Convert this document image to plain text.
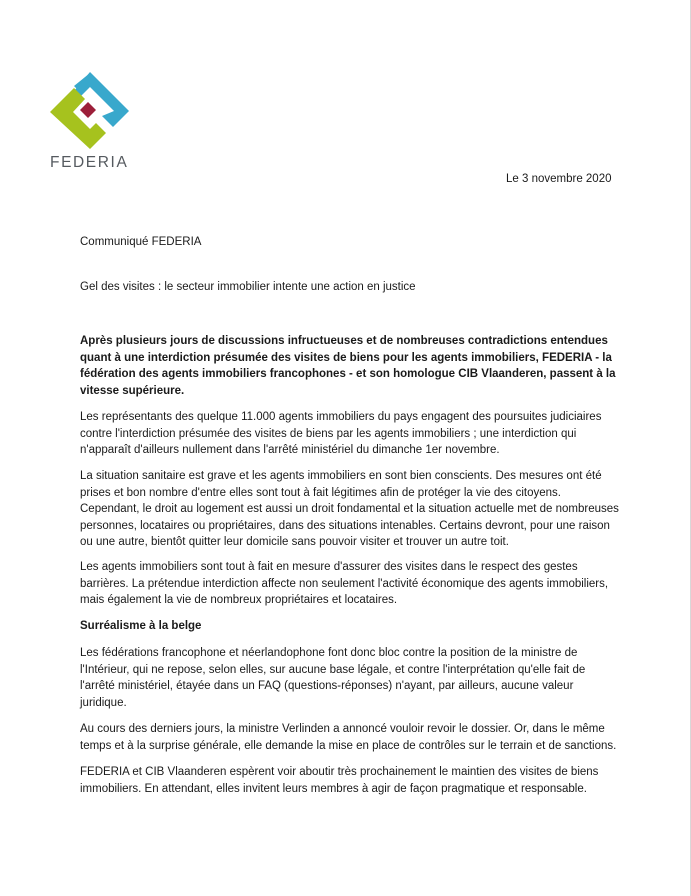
FEDERIA
Le 3 novembre 2020

Communiqué FEDERIA

Gel des visites : le secteur immobilier intente une action en justice

Après plusieurs jours de discussions infructueuses et de nombreuses contradictions entendues quant à une interdiction présumée des visites de biens pour les agents immobiliers, FEDERIA - la fédération des agents immobiliers francophones - et son homologue CIB Vlaanderen, passent à la vitesse supérieure.

Les représentants des quelque 11.000 agents immobiliers du pays engagent des poursuites judiciaires contre l'interdiction présumée des visites de biens par les agents immobiliers ; une interdiction qui n'apparaît d'ailleurs nullement dans l'arrêté ministériel du dimanche 1er novembre.

La situation sanitaire est grave et les agents immobiliers en sont bien conscients. Des mesures ont été prises et bon nombre d'entre elles sont tout à fait légitimes afin de protéger la vie des citoyens. Cependant, le droit au logement est aussi un droit fondamental et la situation actuelle met de nombreuses personnes, locataires ou propriétaires, dans des situations intenables. Certains devront, pour une raison ou une autre, bientôt quitter leur domicile sans pouvoir visiter et trouver un autre toit.

Les agents immobiliers sont tout à fait en mesure d'assurer des visites dans le respect des gestes barrières. La prétendue interdiction affecte non seulement l'activité économique des agents immobiliers, mais également la vie de nombreux propriétaires et locataires.

Surréalisme à la belge

Les fédérations francophone et néerlandophone font donc bloc contre la position de la ministre de l'Intérieur, qui ne repose, selon elles, sur aucune base légale, et contre l'interprétation qu'elle fait de l'arrêté ministériel, étayée dans un FAQ (questions-réponses) n'ayant, par ailleurs, aucune valeur juridique.

Au cours des derniers jours, la ministre Verlinden a annoncé vouloir revoir le dossier. Or, dans le même temps et à la surprise générale, elle demande la mise en place de contrôles sur le terrain et de sanctions.

FEDERIA et CIB Vlaanderen espèrent voir aboutir très prochainement le maintien des visites de biens immobiliers. En attendant, elles invitent leurs membres à agir de façon pragmatique et responsable.
